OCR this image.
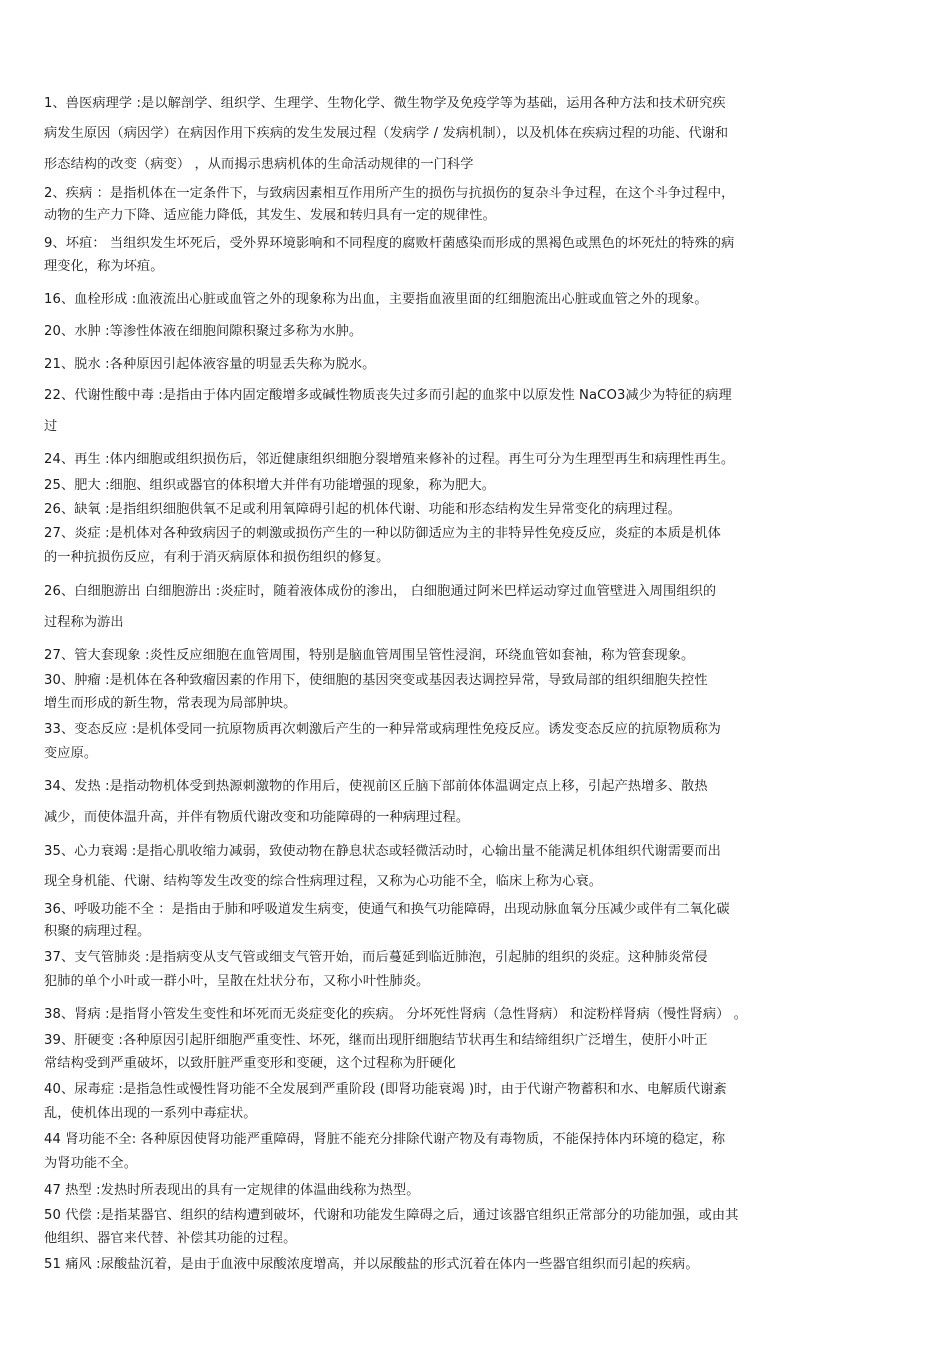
1、兽医病理学 :是以解剖学、组织学、生理学、生物化学、微生物学及免疫学等为基础，运用各种方法和技术研究疾
病发生原因（病因学）在病因作用下疾病的发生发展过程（发病学 / 发病机制），以及机体在疾病过程的功能、代谢和
形态结构的改变（病变） ，从而揭示患病机体的生命活动规律的一门科学
2、疾病 ：是指机体在一定条件下，与致病因素相互作用所产生的损伤与抗损伤的复杂斗争过程，在这个斗争过程中，
动物的生产力下降、适应能力降低，其发生、发展和转归具有一定的规律性。
9、坏疽： 当组织发生坏死后，受外界环境影响和不同程度的腐败杆菌感染而形成的黑褐色或黑色的坏死灶的特殊的病
理变化，称为坏疽。
16、血栓形成 :血液流出心脏或血管之外的现象称为出血，主要指血液里面的红细胞流出心脏或血管之外的现象。
20、水肿 :等渗性体液在细胞间隙积聚过多称为水肿。
21、脱水 :各种原因引起体液容量的明显丢失称为脱水。
22、代谢性酸中毒 :是指由于体内固定酸增多或碱性物质丧失过多而引起的血浆中以原发性 NaCO3减少为特征的病理
过
24、再生 :体内细胞或组织损伤后，邻近健康组织细胞分裂增殖来修补的过程。再生可分为生理型再生和病理性再生。
25、肥大 :细胞、组织或器官的体积增大并伴有功能增强的现象，称为肥大。
26、缺氧 :是指组织细胞供氧不足或利用氧障碍引起的机体代谢、功能和形态结构发生异常变化的病理过程。
27、炎症 :是机体对各种致病因子的刺激或损伤产生的一种以防御适应为主的非特异性免疫反应，炎症的本质是机体
的一种抗损伤反应，有利于消灭病原体和损伤组织的修复。
26、白细胞游出 白细胞游出 :炎症时，随着液体成份的渗出， 白细胞通过阿米巴样运动穿过血管壁进入周围组织的
过程称为游出
27、管大套现象 :炎性反应细胞在血管周围，特别是脑血管周围呈管性浸润，环绕血管如套袖，称为管套现象。
30、肿瘤 :是机体在各种致瘤因素的作用下，使细胞的基因突变或基因表达调控异常，导致局部的组织细胞失控性
增生而形成的新生物，常表现为局部肿块。
33、变态反应 :是机体受同一抗原物质再次刺激后产生的一种异常或病理性免疫反应。诱发变态反应的抗原物质称为
变应原。
34、发热 :是指动物机体受到热源刺激物的作用后，使视前区丘脑下部前体体温调定点上移，引起产热增多、散热
减少，而使体温升高，并伴有物质代谢改变和功能障碍的一种病理过程。
35、心力衰竭 :是指心肌收缩力减弱，致使动物在静息状态或轻微活动时，心输出量不能满足机体组织代谢需要而出
现全身机能、代谢、结构等发生改变的综合性病理过程，又称为心功能不全，临床上称为心衰。
36、呼吸功能不全 ：是指由于肺和呼吸道发生病变，使通气和换气功能障碍，出现动脉血氧分压减少或伴有二氧化碳
积聚的病理过程。
37、支气管肺炎 :是指病变从支气管或细支气管开始，而后蔓延到临近肺泡，引起肺的组织的炎症。这种肺炎常侵
犯肺的单个小叶或一群小叶，呈散在灶状分布，又称小叶性肺炎。
38、肾病 :是指肾小管发生变性和坏死而无炎症变化的疾病。 分坏死性肾病（急性肾病） 和淀粉样肾病（慢性肾病） 。
39、肝硬变 :各种原因引起肝细胞严重变性、坏死，继而出现肝细胞结节状再生和结缔组织广泛增生，使肝小叶正
常结构受到严重破坏，以致肝脏严重变形和变硬，这个过程称为肝硬化
40、尿毒症 :是指急性或慢性肾功能不全发展到严重阶段 (即肾功能衰竭 )时，由于代谢产物蓄积和水、电解质代谢紊
乱，使机体出现的一系列中毒症状。
44 肾功能不全: 各种原因使肾功能严重障碍，肾脏不能充分排除代谢产物及有毒物质，不能保持体内环境的稳定，称
为肾功能不全。
47 热型 :发热时所表现出的具有一定规律的体温曲线称为热型。
50 代偿 :是指某器官、组织的结构遭到破坏，代谢和功能发生障碍之后，通过该器官组织正常部分的功能加强，或由其
他组织、器官来代替、补偿其功能的过程。
51 痛风 :尿酸盐沉着，是由于血液中尿酸浓度增高，并以尿酸盐的形式沉着在体内一些器官组织而引起的疾病。
